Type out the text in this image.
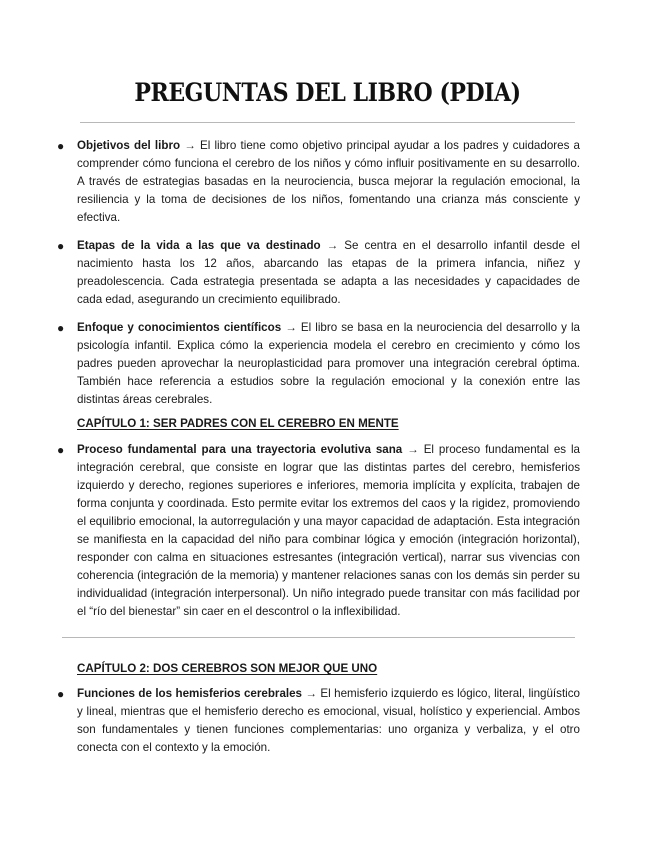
PREGUNTAS DEL LIBRO (PDIA)
● Objetivos del libro → El libro tiene como objetivo principal ayudar a los padres y cuidadores a comprender cómo funciona el cerebro de los niños y cómo influir positivamente en su desarrollo. A través de estrategias basadas en la neurociencia, busca mejorar la regulación emocional, la resiliencia y la toma de decisiones de los niños, fomentando una crianza más consciente y efectiva.
● Etapas de la vida a las que va destinado → Se centra en el desarrollo infantil desde el nacimiento hasta los 12 años, abarcando las etapas de la primera infancia, niñez y preadolescencia. Cada estrategia presentada se adapta a las necesidades y capacidades de cada edad, asegurando un crecimiento equilibrado.
● Enfoque y conocimientos científicos → El libro se basa en la neurociencia del desarrollo y la psicología infantil. Explica cómo la experiencia modela el cerebro en crecimiento y cómo los padres pueden aprovechar la neuroplasticidad para promover una integración cerebral óptima. También hace referencia a estudios sobre la regulación emocional y la conexión entre las distintas áreas cerebrales.

CAPÍTULO 1: SER PADRES CON EL CEREBRO EN MENTE

● Proceso fundamental para una trayectoria evolutiva sana → El proceso fundamental es la integración cerebral, que consiste en lograr que las distintas partes del cerebro, hemisferios izquierdo y derecho, regiones superiores e inferiores, memoria implícita y explícita, trabajen de forma conjunta y coordinada. Esto permite evitar los extremos del caos y la rigidez, promoviendo el equilibrio emocional, la autorregulación y una mayor capacidad de adaptación. Esta integración se manifiesta en la capacidad del niño para combinar lógica y emoción (integración horizontal), responder con calma en situaciones estresantes (integración vertical), narrar sus vivencias con coherencia (integración de la memoria) y mantener relaciones sanas con los demás sin perder su individualidad (integración interpersonal). Un niño integrado puede transitar con más facilidad por el “río del bienestar” sin caer en el descontrol o la inflexibilidad.

CAPÍTULO 2: DOS CEREBROS SON MEJOR QUE UNO

● Funciones de los hemisferios cerebrales → El hemisferio izquierdo es lógico, literal, lingüístico y lineal, mientras que el hemisferio derecho es emocional, visual, holístico y experiencial. Ambos son fundamentales y tienen funciones complementarias: uno organiza y verbaliza, y el otro conecta con el contexto y la emoción.
